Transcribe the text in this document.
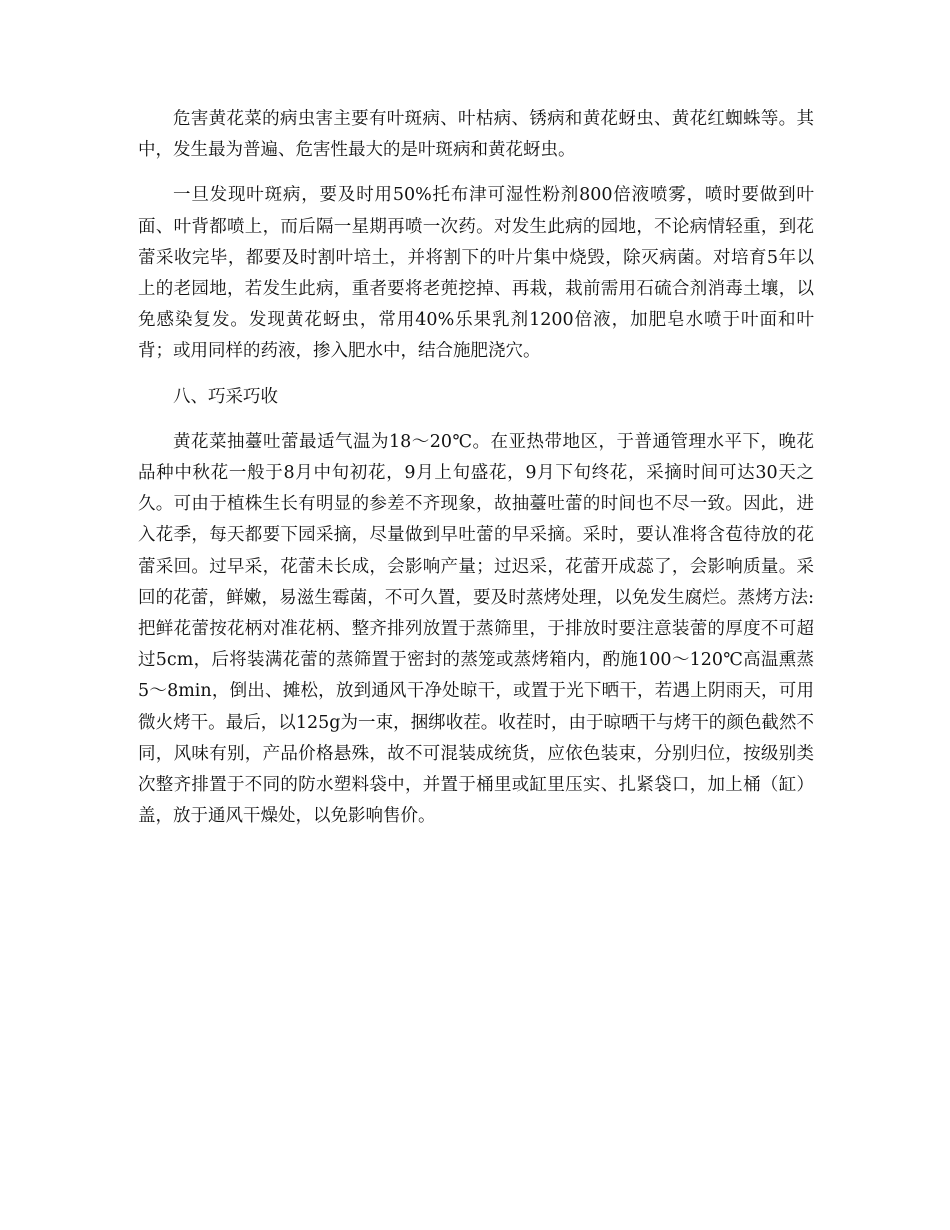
危害黄花菜的病虫害主要有叶斑病、叶枯病、锈病和黄花蚜虫、黄花红蜘蛛等。其中，发生最为普遍、危害性最大的是叶斑病和黄花蚜虫。

一旦发现叶斑病，要及时用50%托布津可湿性粉剂800倍液喷雾，喷时要做到叶面、叶背都喷上，而后隔一星期再喷一次药。对发生此病的园地，不论病情轻重，到花蕾采收完毕，都要及时割叶培土，并将割下的叶片集中烧毁，除灭病菌。对培育5年以上的老园地，若发生此病，重者要将老蔸挖掉、再栽，栽前需用石硫合剂消毒土壤，以免感染复发。发现黄花蚜虫，常用40%乐果乳剂1200倍液，加肥皂水喷于叶面和叶背；或用同样的药液，掺入肥水中，结合施肥浇穴。

八、巧采巧收

黄花菜抽薹吐蕾最适气温为18～20℃。在亚热带地区，于普通管理水平下，晚花品种中秋花一般于8月中旬初花，9月上旬盛花，9月下旬终花，采摘时间可达30天之久。可由于植株生长有明显的参差不齐现象，故抽薹吐蕾的时间也不尽一致。因此，进入花季，每天都要下园采摘，尽量做到早吐蕾的早采摘。采时，要认准将含苞待放的花蕾采回。过早采，花蕾未长成，会影响产量；过迟采，花蕾开成蕊了，会影响质量。采回的花蕾，鲜嫩，易滋生霉菌，不可久置，要及时蒸烤处理，以免发生腐烂。蒸烤方法:把鲜花蕾按花柄对准花柄、整齐排列放置于蒸筛里，于排放时要注意装蕾的厚度不可超过5cm，后将装满花蕾的蒸筛置于密封的蒸笼或蒸烤箱内，酌施100～120℃高温熏蒸5～8min，倒出、摊松，放到通风干净处晾干，或置于光下晒干，若遇上阴雨天，可用微火烤干。最后，以125g为一束，捆绑收茬。收茬时，由于晾晒干与烤干的颜色截然不同，风味有别，产品价格悬殊，故不可混装成统货，应依色装束，分别归位，按级别类次整齐排置于不同的防水塑料袋中，并置于桶里或缸里压实、扎紧袋口，加上桶（缸）盖，放于通风干燥处，以免影响售价。
